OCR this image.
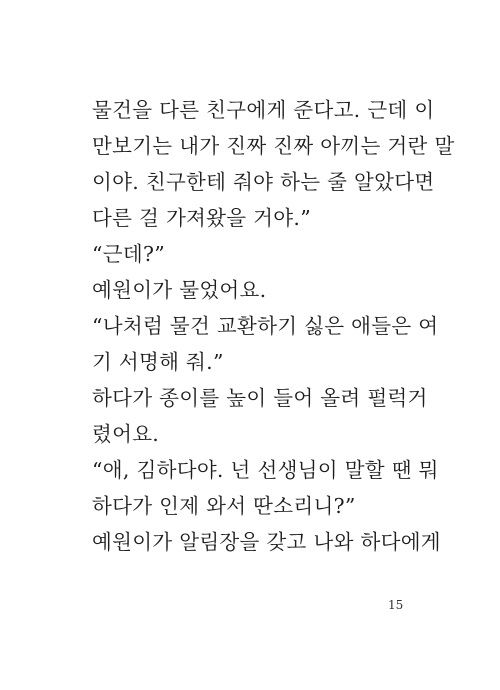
물건을 다른 친구에게 준다고. 근데 이
만보기는 내가 진짜 진짜 아끼는 거란 말
이야. 친구한테 줘야 하는 줄 알았다면
다른 걸 가져왔을 거야.”
“근데?”
예원이가 물었어요.
“나처럼 물건 교환하기 싫은 애들은 여
기 서명해 줘.”
하다가 종이를 높이 들어 올려 펄럭거
렸어요.
“애, 김하다야. 넌 선생님이 말할 땐 뭐
하다가 인제 와서 딴소리니?”
예원이가 알림장을 갖고 나와 하다에게
15
